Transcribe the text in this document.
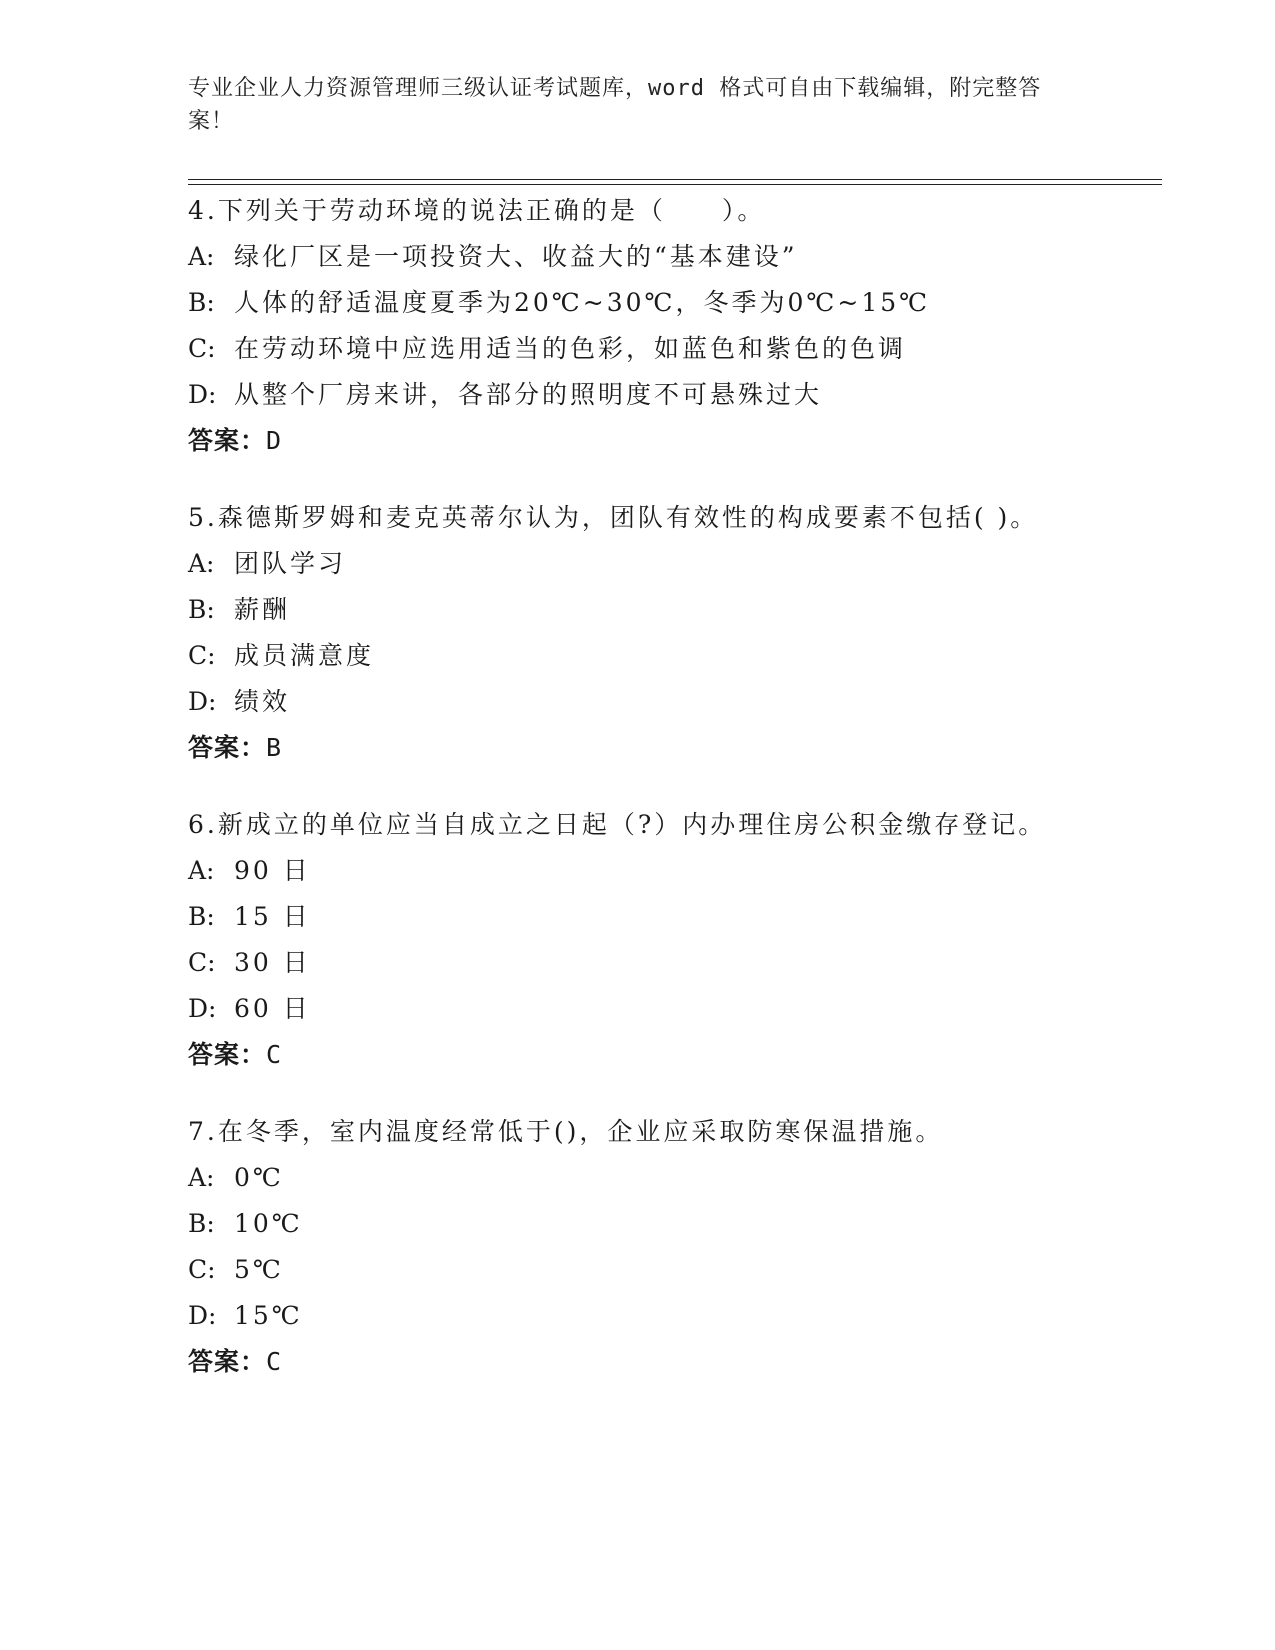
专业企业人力资源管理师三级认证考试题库，word 格式可自由下载编辑，附完整答案！
4.下列关于劳动环境的说法正确的是（　　）。
A: 绿化厂区是一项投资大、收益大的“基本建设”
B: 人体的舒适温度夏季为20℃~30℃，冬季为0℃~15℃
C: 在劳动环境中应选用适当的色彩，如蓝色和紫色的色调
D: 从整个厂房来讲，各部分的照明度不可悬殊过大
答案：D
5.森德斯罗姆和麦克英蒂尔认为，团队有效性的构成要素不包括( )。
A: 团队学习
B: 薪酬
C: 成员满意度
D: 绩效
答案：B
6.新成立的单位应当自成立之日起（?）内办理住房公积金缴存登记。
A: 90 日
B: 15 日
C: 30 日
D: 60 日
答案：C
7.在冬季，室内温度经常低于()，企业应采取防寒保温措施。
A: 0℃
B: 10℃
C: 5℃
D: 15℃
答案：C
